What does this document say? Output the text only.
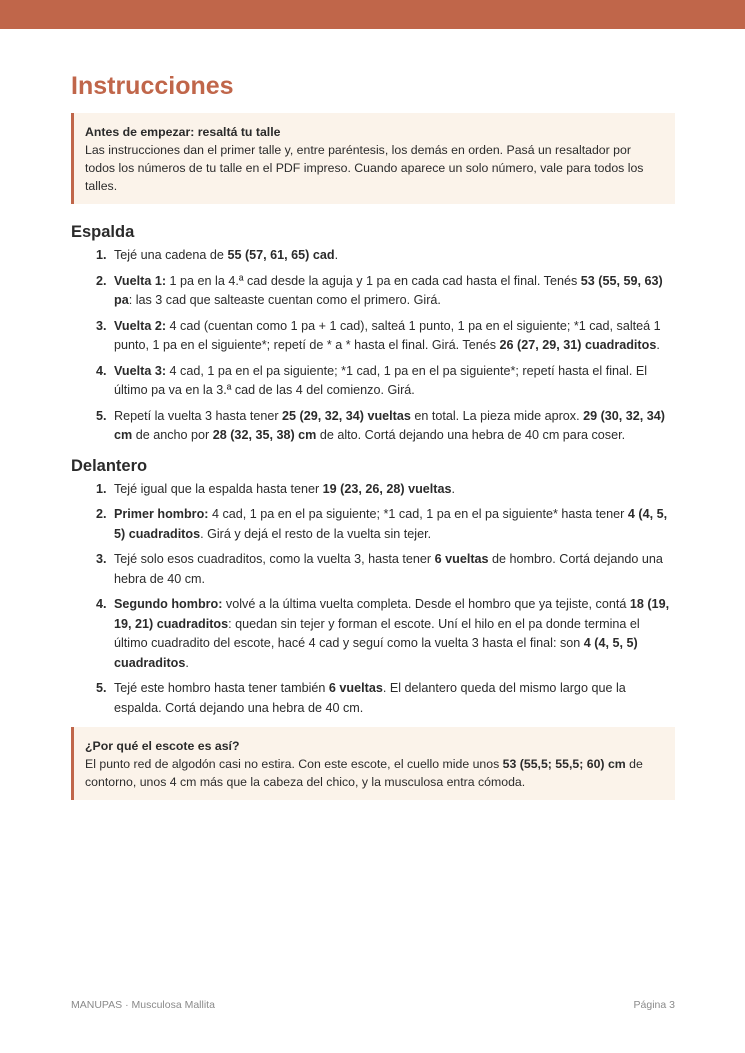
Instrucciones
Antes de empezar: resaltá tu talle
Las instrucciones dan el primer talle y, entre paréntesis, los demás en orden. Pasá un resaltador por todos los números de tu talle en el PDF impreso. Cuando aparece un solo número, vale para todos los talles.
Espalda
1. Tejé una cadena de 55 (57, 61, 65) cad.
2. Vuelta 1: 1 pa en la 4.ª cad desde la aguja y 1 pa en cada cad hasta el final. Tenés 53 (55, 59, 63) pa: las 3 cad que salteaste cuentan como el primero. Girá.
3. Vuelta 2: 4 cad (cuentan como 1 pa + 1 cad), salteá 1 punto, 1 pa en el siguiente; *1 cad, salteá 1 punto, 1 pa en el siguiente*; repetí de * a * hasta el final. Girá. Tenés 26 (27, 29, 31) cuadraditos.
4. Vuelta 3: 4 cad, 1 pa en el pa siguiente; *1 cad, 1 pa en el pa siguiente*; repetí hasta el final. El último pa va en la 3.ª cad de las 4 del comienzo. Girá.
5. Repetí la vuelta 3 hasta tener 25 (29, 32, 34) vueltas en total. La pieza mide aprox. 29 (30, 32, 34) cm de ancho por 28 (32, 35, 38) cm de alto. Cortá dejando una hebra de 40 cm para coser.
Delantero
1. Tejé igual que la espalda hasta tener 19 (23, 26, 28) vueltas.
2. Primer hombro: 4 cad, 1 pa en el pa siguiente; *1 cad, 1 pa en el pa siguiente* hasta tener 4 (4, 5, 5) cuadraditos. Girá y dejá el resto de la vuelta sin tejer.
3. Tejé solo esos cuadraditos, como la vuelta 3, hasta tener 6 vueltas de hombro. Cortá dejando una hebra de 40 cm.
4. Segundo hombro: volvé a la última vuelta completa. Desde el hombro que ya tejiste, contá 18 (19, 19, 21) cuadraditos: quedan sin tejer y forman el escote. Uní el hilo en el pa donde termina el último cuadradito del escote, hacé 4 cad y seguí como la vuelta 3 hasta el final: son 4 (4, 5, 5) cuadraditos.
5. Tejé este hombro hasta tener también 6 vueltas. El delantero queda del mismo largo que la espalda. Cortá dejando una hebra de 40 cm.
¿Por qué el escote es así?
El punto red de algodón casi no estira. Con este escote, el cuello mide unos 53 (55,5; 55,5; 60) cm de contorno, unos 4 cm más que la cabeza del chico, y la musculosa entra cómoda.
MANUPAS · Musculosa Mallita	Página 3
